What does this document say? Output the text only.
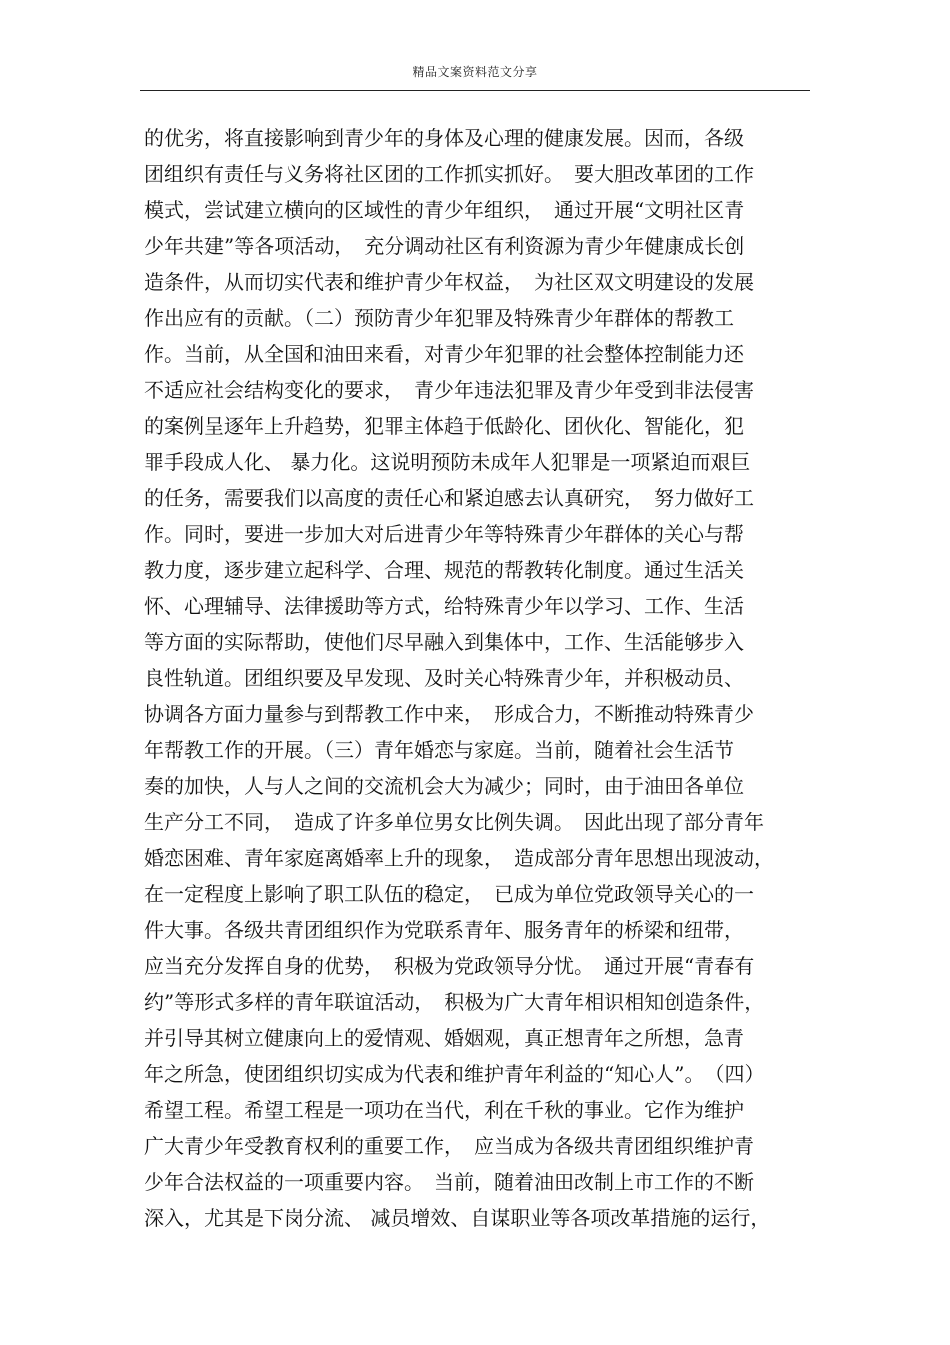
精品文案资料范文分享
的优劣，将直接影响到青少年的身体及心理的健康发展。因而，各级
团组织有责任与义务将社区团的工作抓实抓好。　要大胆改革团的工作
模式，尝试建立横向的区域性的青少年组织，　通过开展“文明社区青
少年共建”等各项活动，　充分调动社区有利资源为青少年健康成长创
造条件，从而切实代表和维护青少年权益，　为社区双文明建设的发展
作出应有的贡献。（二）预防青少年犯罪及特殊青少年群体的帮教工
作。当前，从全国和油田来看，对青少年犯罪的社会整体控制能力还
不适应社会结构变化的要求，　青少年违法犯罪及青少年受到非法侵害
的案例呈逐年上升趋势，犯罪主体趋于低龄化、团伙化、智能化，犯
罪手段成人化、 暴力化。这说明预防未成年人犯罪是一项紧迫而艰巨
的任务，需要我们以高度的责任心和紧迫感去认真研究，　努力做好工
作。同时，要进一步加大对后进青少年等特殊青少年群体的关心与帮
教力度，逐步建立起科学、合理、规范的帮教转化制度。通过生活关
怀、心理辅导、法律援助等方式，给特殊青少年以学习、工作、生活
等方面的实际帮助，使他们尽早融入到集体中，工作、生活能够步入
良性轨道。团组织要及早发现、及时关心特殊青少年，并积极动员、
协调各方面力量参与到帮教工作中来，　形成合力，不断推动特殊青少
年帮教工作的开展。（三）青年婚恋与家庭。当前，随着社会生活节
奏的加快，人与人之间的交流机会大为减少；同时，由于油田各单位
生产分工不同，　造成了许多单位男女比例失调。　因此出现了部分青年
婚恋困难、青年家庭离婚率上升的现象，　造成部分青年思想出现波动，
在一定程度上影响了职工队伍的稳定，　已成为单位党政领导关心的一
件大事。各级共青团组织作为党联系青年、服务青年的桥梁和纽带，
应当充分发挥自身的优势，　积极为党政领导分忧。　通过开展“青春有
约”等形式多样的青年联谊活动，　积极为广大青年相识相知创造条件，
并引导其树立健康向上的爱情观、婚姻观，真正想青年之所想，急青
年之所急，使团组织切实成为代表和维护青年利益的“知心人”。　（四）
希望工程。希望工程是一项功在当代，利在千秋的事业。它作为维护
广大青少年受教育权利的重要工作，　应当成为各级共青团组织维护青
少年合法权益的一项重要内容。　当前，随着油田改制上市工作的不断
深入，尤其是下岗分流、 减员增效、自谋职业等各项改革措施的运行，
